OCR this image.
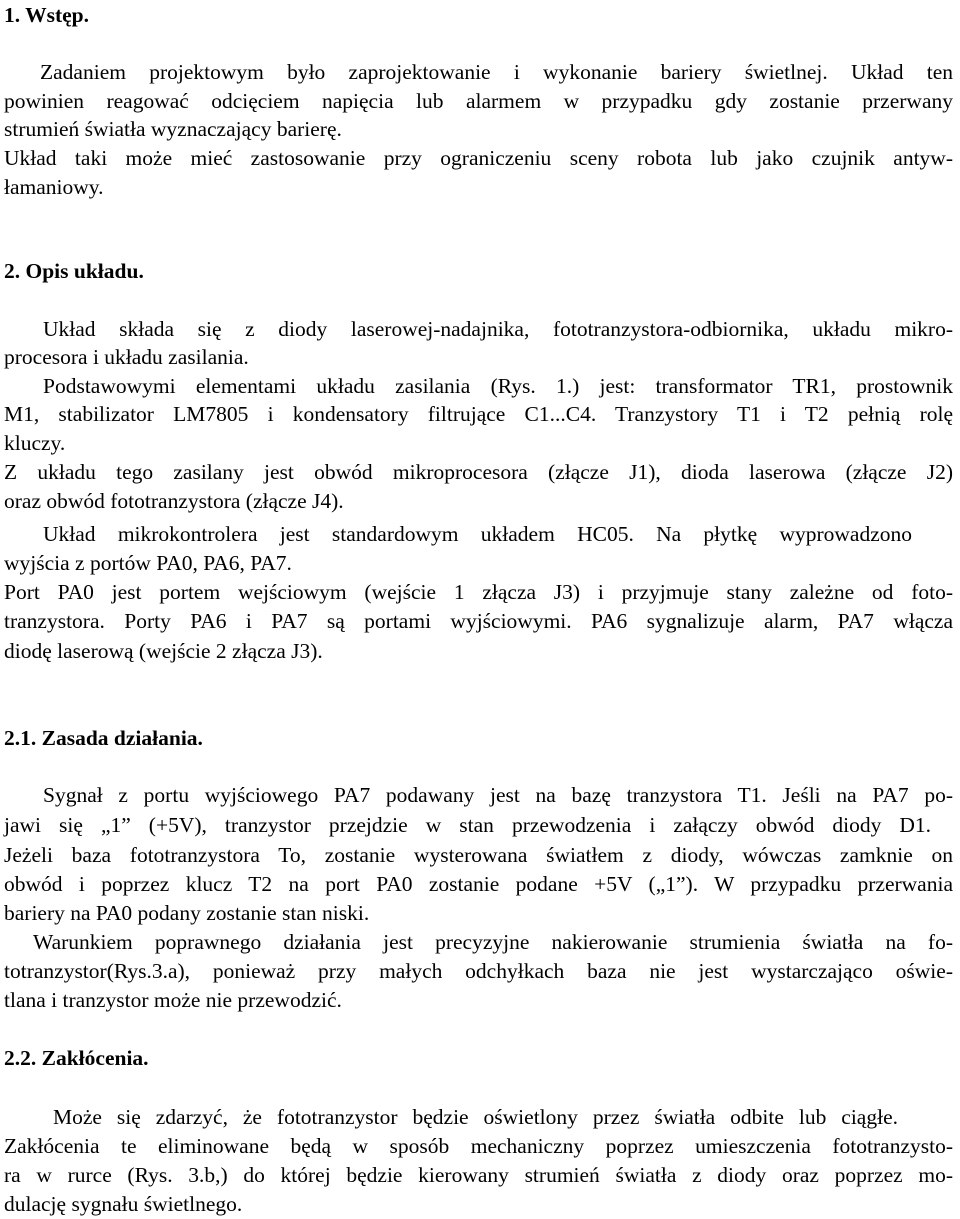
1. Wstęp.
Zadaniem projektowym było zaprojektowanie i wykonanie bariery świetlnej. Układ ten
powinien reagować odcięciem napięcia lub alarmem w przypadku gdy zostanie przerwany
strumień światła wyznaczający barierę.
Układ taki może mieć zastosowanie przy ograniczeniu sceny robota lub jako czujnik antyw-
łamaniowy.
2. Opis układu.
Układ składa się z diody laserowej-nadajnika, fototranzystora-odbiornika, układu mikro-
procesora i układu zasilania.
Podstawowymi elementami układu zasilania (Rys. 1.) jest: transformator TR1, prostownik
M1, stabilizator LM7805 i kondensatory filtrujące C1...C4. Tranzystory T1 i T2 pełnią rolę
kluczy.
Z układu tego zasilany jest obwód mikroprocesora (złącze J1), dioda laserowa (złącze J2)
oraz obwód fototranzystora (złącze J4).
Układ mikrokontrolera jest standardowym układem HC05. Na płytkę wyprowadzono
wyjścia z portów PA0, PA6, PA7.
Port PA0 jest portem wejściowym (wejście 1 złącza J3) i przyjmuje stany zależne od foto-
tranzystora. Porty PA6 i PA7 są portami wyjściowymi. PA6 sygnalizuje alarm, PA7 włącza
diodę laserową (wejście 2 złącza J3).
2.1. Zasada działania.
Sygnał z portu wyjściowego PA7 podawany jest na bazę tranzystora T1. Jeśli na PA7 po-
jawi się „1” (+5V), tranzystor przejdzie w stan przewodzenia i załączy obwód diody D1.
Jeżeli baza fototranzystora To, zostanie wysterowana światłem z diody, wówczas zamknie on
obwód i poprzez klucz T2 na port PA0 zostanie podane +5V („1”). W przypadku przerwania
bariery na PA0 podany zostanie stan niski.
Warunkiem poprawnego działania jest precyzyjne nakierowanie strumienia światła na fo-
totranzystor(Rys.3.a), ponieważ przy małych odchyłkach baza nie jest wystarczająco oświe-
tlana i tranzystor może nie przewodzić.
2.2. Zakłócenia.
Może się zdarzyć, że fototranzystor będzie oświetlony przez światła odbite lub ciągłe.
Zakłócenia te eliminowane będą w sposób mechaniczny poprzez umieszczenia fototranzysto-
ra w rurce (Rys. 3.b,) do której będzie kierowany strumień światła z diody oraz poprzez mo-
dulację sygnału świetlnego.
